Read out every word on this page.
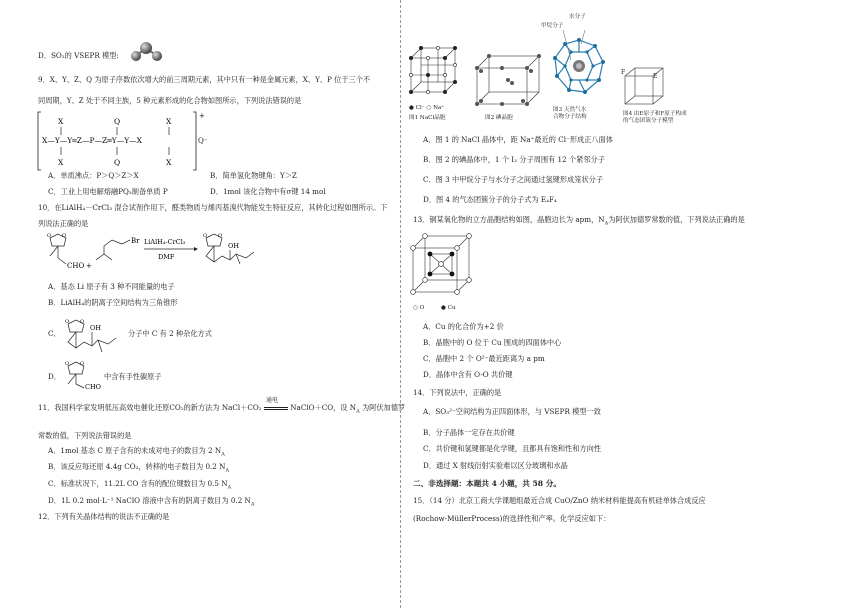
D．SO₂的 VSEPR 模型:
9．X、Y、Z、Q 为原子序数依次增大的前三周期元素，其中只有一种是金属元素，X、Y、P 位于三个不
同周期，Y、Z 处于不同主族，5 种元素形成的化合物如图所示，下列说法错误的是
+
X	Q	X
X—Y—Y═Z—P—Z═Y—Y—X
X	Q	X
Q⁻
A．单质沸点：P＞Q＞Z＞X	B．简单氢化物键角：Y＞Z
C．工业上用电解熔融PQ₃制备单质 P	D．1mol 该化合物中有σ键 14 mol
10．在LiAlH₄－CrCl₃ 混合试剂作用下，醛类物质与烯丙基溴代物能发生特征反应，其转化过程如图所示。下
列说法正确的是
O O
CHO +
Br LiAlH₄-CrCl₃
DMF
O O
OH
A．基态 Li 原子有 3 种不同能量的电子
B．LiAlH₄的阴离子空间结构为三角锥形
C．
O O
OH
分子中 C 有 2 种杂化方式
D．
O O
CHO
中含有手性碳原子
11．我国科学家发明低压高效电催化还原CO₂的新方法为 NaCl＋CO₂
通电
NaClO＋CO，设 $N_A$ 为阿伏加德罗
常数的值，下列说法错误的是
A．1mol 基态 C 原子含有的未成对电子的数目为 2 $N_A$
B．该反应每还原 4.4g CO₂，转移的电子数目为 0.2 $N_A$
C．标准状况下，11.2L CO 含有的配位键数目为 0.5 $N_A$
D．1L 0.2 mol·L⁻¹ NaClO 溶液中含有的阴离子数目为 0.2 $N_A$
12．下列有关晶体结构的说法不正确的是
● Cl⁻ ○ Na⁺
图1 NaCl晶胞	图2 碘晶胞
水分子
甲烷分子
图3 天然气水
合物分子结构
F
E
图4 由E原子和F原子构成
的气态团簇分子模型
A．图 1 的 NaCl 晶体中，距 Na⁺最近的 Cl⁻形成正八面体
B．图 2 的碘晶体中，1 个 I₂ 分子周围有 12 个紧邻分子
C．图 3 中甲烷分子与水分子之间通过氢键形成笼状分子
D．图 4 的气态团簇分子的分子式为 E₄F₄
13．铜某氧化物的立方晶胞结构如图，晶胞边长为 apm，$N_A$为阿伏加德罗常数的值，下列说法正确的是
○ O	● Cu
A．Cu 的化合价为+2 价
B．晶胞中的 O 位于 Cu 围成的四面体中心
C．晶胞中 2 个 O²⁻最近距离为 a pm
D．晶体中含有 O-O 共价键
14．下列说法中，正确的是
A．SO₃²⁻空间结构为正四面体形，与 VSEPR 模型一致
B．分子晶体一定存在共价键
C．共价键和氢键都是化学键，且都具有饱和性和方向性
D．通过 X 射线衍射实验难以区分玻璃和水晶
二、非选择题：本题共 4 小题，共 58 分。
15．（14 分）北京工商大学课题组最近合成 CuO/ZnO 纳米材料能提高有机硅单体合成反应
(Rochow-MüllerProcess)的选择性和产率。化学反应如下：
